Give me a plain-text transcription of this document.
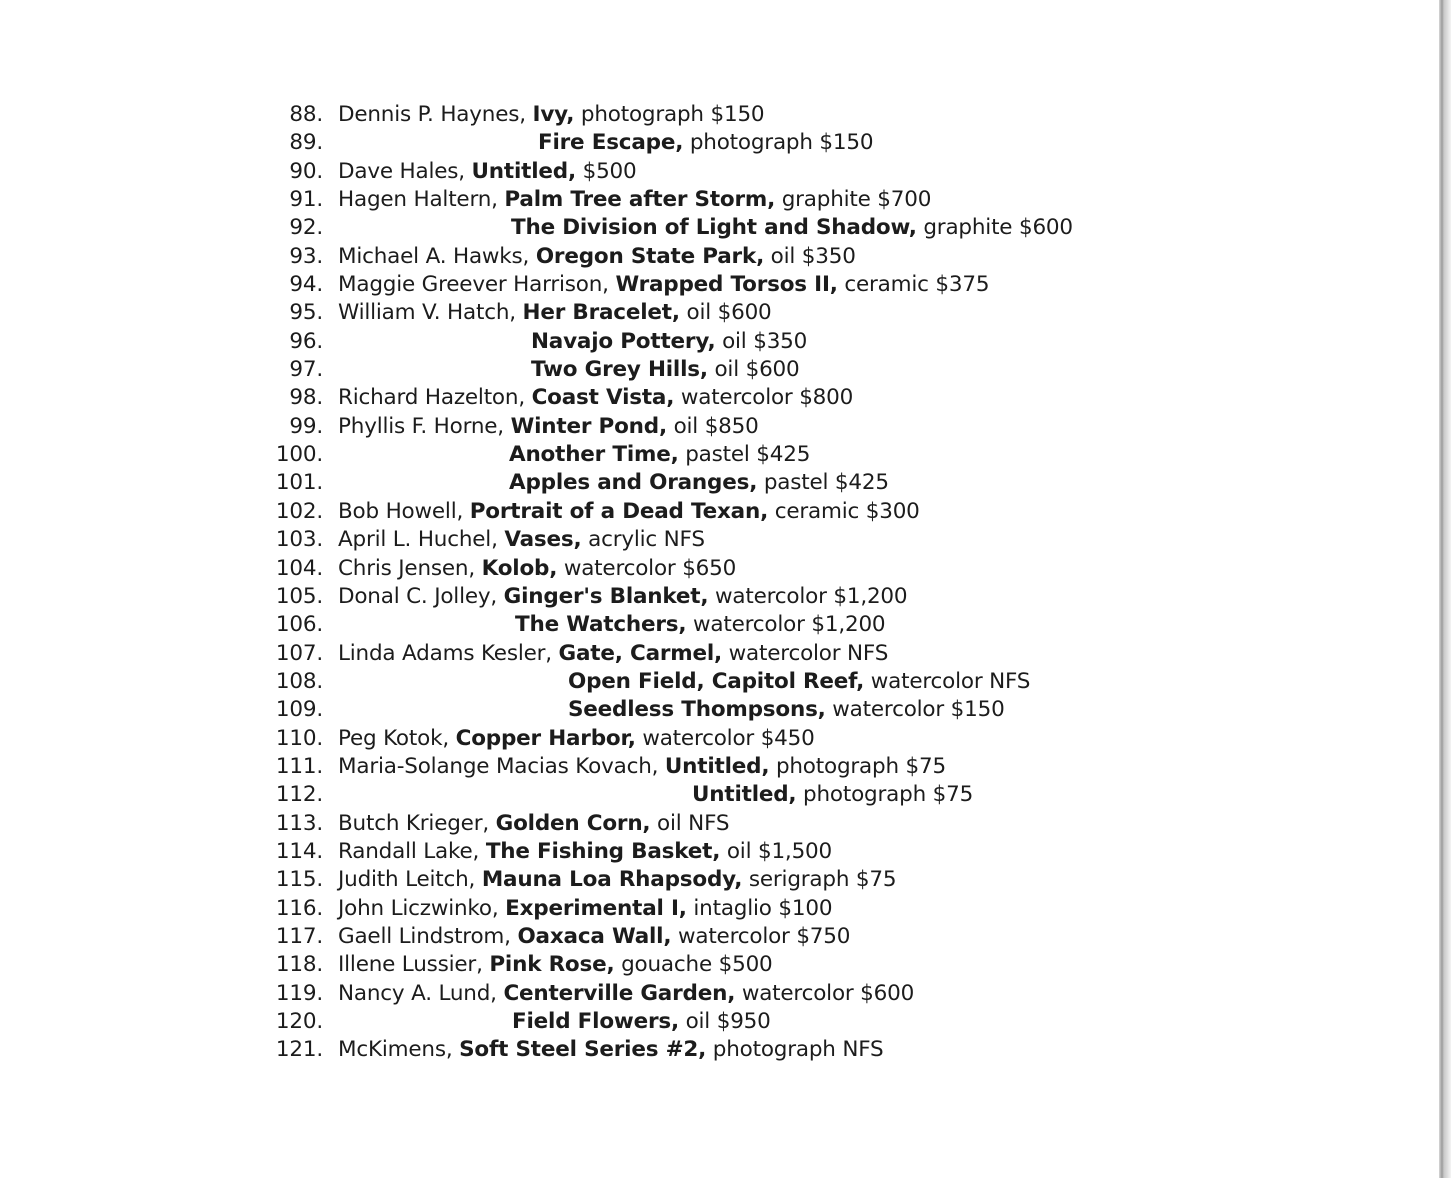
88. Dennis P. Haynes, Ivy, photograph $150
89.	Fire Escape, photograph $150
90. Dave Hales, Untitled, $500
91. Hagen Haltern, Palm Tree after Storm, graphite $700
92.	The Division of Light and Shadow, graphite $600
93. Michael A. Hawks, Oregon State Park, oil $350
94. Maggie Greever Harrison, Wrapped Torsos II, ceramic $375
95. William V. Hatch, Her Bracelet, oil $600
96.	Navajo Pottery, oil $350
97.	Two Grey Hills, oil $600
98. Richard Hazelton, Coast Vista, watercolor $800
99. Phyllis F. Horne, Winter Pond, oil $850
100.	Another Time, pastel $425
101.	Apples and Oranges, pastel $425
102. Bob Howell, Portrait of a Dead Texan, ceramic $300
103. April L. Huchel, Vases, acrylic NFS
104. Chris Jensen, Kolob, watercolor $650
105. Donal C. Jolley, Ginger's Blanket, watercolor $1,200
106.	The Watchers, watercolor $1,200
107. Linda Adams Kesler, Gate, Carmel, watercolor NFS
108.	Open Field, Capitol Reef, watercolor NFS
109.	Seedless Thompsons, watercolor $150
110. Peg Kotok, Copper Harbor, watercolor $450
111. Maria-Solange Macias Kovach, Untitled, photograph $75
112.	Untitled, photograph $75
113. Butch Krieger, Golden Corn, oil NFS
114. Randall Lake, The Fishing Basket, oil $1,500
115. Judith Leitch, Mauna Loa Rhapsody, serigraph $75
116. John Liczwinko, Experimental I, intaglio $100
117. Gaell Lindstrom, Oaxaca Wall, watercolor $750
118. Illene Lussier, Pink Rose, gouache $500
119. Nancy A. Lund, Centerville Garden, watercolor $600
120.	Field Flowers, oil $950
121. McKimens, Soft Steel Series #2, photograph NFS
